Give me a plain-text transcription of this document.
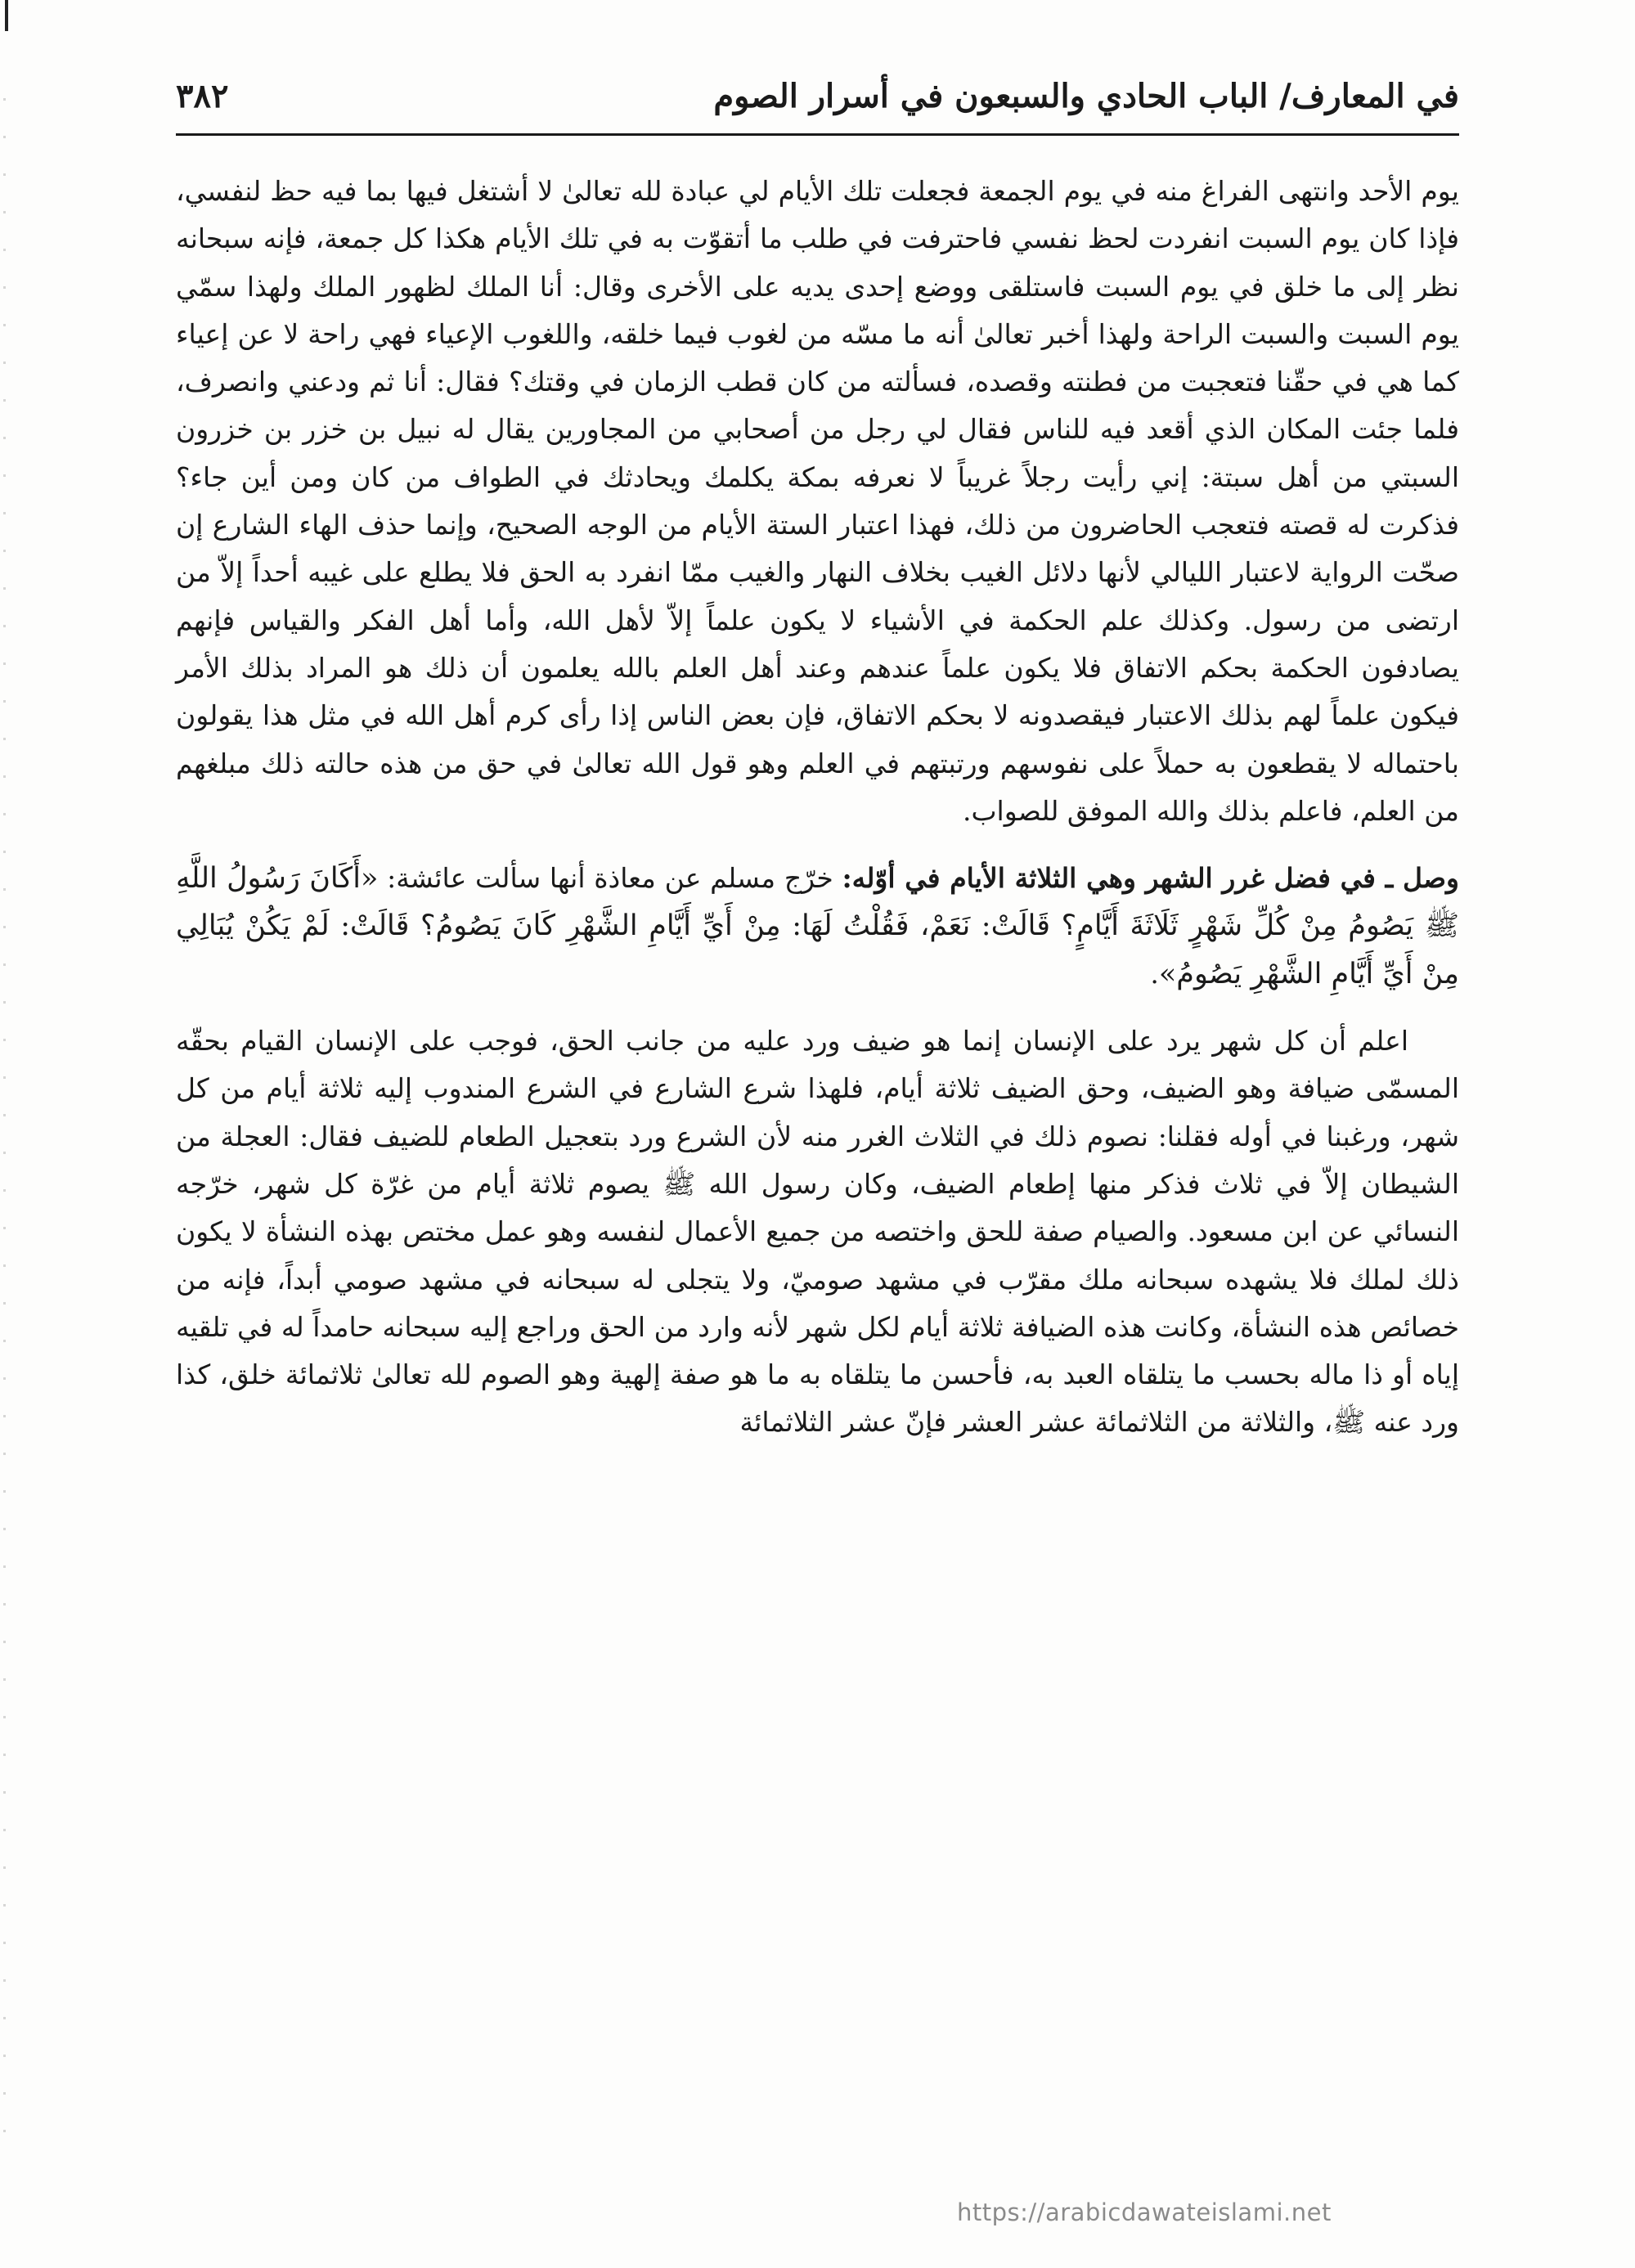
في المعارف/ الباب الحادي والسبعون في أسرار الصوم
٣٨٢

يوم الأحد وانتهى الفراغ منه في يوم الجمعة فجعلت تلك الأيام لي عبادة لله تعالىٰ لا أشتغل فيها بما فيه حظ لنفسي، فإذا كان يوم السبت انفردت لحظ نفسي فاحترفت في طلب ما أتقوّت به في تلك الأيام هكذا كل جمعة، فإنه سبحانه نظر إلى ما خلق في يوم السبت فاستلقى ووضع إحدى يديه على الأخرى وقال: أنا الملك لظهور الملك ولهذا سمّي يوم السبت والسبت الراحة ولهذا أخبر تعالىٰ أنه ما مسّه من لغوب فيما خلقه، واللغوب الإعياء فهي راحة لا عن إعياء كما هي في حقّنا فتعجبت من فطنته وقصده، فسألته من كان قطب الزمان في وقتك؟ فقال: أنا ثم ودعني وانصرف، فلما جئت المكان الذي أقعد فيه للناس فقال لي رجل من أصحابي من المجاورين يقال له نبيل بن خزر بن خزرون السبتي من أهل سبتة: إني رأيت رجلاً غريباً لا نعرفه بمكة يكلمك ويحادثك في الطواف من كان ومن أين جاء؟ فذكرت له قصته فتعجب الحاضرون من ذلك، فهذا اعتبار الستة الأيام من الوجه الصحيح، وإنما حذف الهاء الشارع إن صحّت الرواية لاعتبار الليالي لأنها دلائل الغيب بخلاف النهار والغيب ممّا انفرد به الحق فلا يطلع على غيبه أحداً إلاّ من ارتضى من رسول. وكذلك علم الحكمة في الأشياء لا يكون علماً إلاّ لأهل الله، وأما أهل الفكر والقياس فإنهم يصادفون الحكمة بحكم الاتفاق فلا يكون علماً عندهم وعند أهل العلم بالله يعلمون أن ذلك هو المراد بذلك الأمر فيكون علماً لهم بذلك الاعتبار فيقصدونه لا بحكم الاتفاق، فإن بعض الناس إذا رأى كرم أهل الله في مثل هذا يقولون باحتماله لا يقطعون به حملاً على نفوسهم ورتبتهم في العلم وهو قول الله تعالىٰ في حق من هذه حالته ذلك مبلغهم من العلم، فاعلم بذلك والله الموفق للصواب.

وصل ـ في فضل غرر الشهر وهي الثلاثة الأيام في أوّله: خرّج مسلم عن معاذة أنها سألت عائشة: «أَكَانَ رَسُولُ اللَّهِ ﷺ يَصُومُ مِنْ كُلِّ شَهْرٍ ثَلَاثَةَ أَيَّامٍ؟ قَالَتْ: نَعَمْ، فَقُلْتُ لَهَا: مِنْ أَيِّ أَيَّامِ الشَّهْرِ كَانَ يَصُومُ؟ قَالَتْ: لَمْ يَكُنْ يُبَالِي مِنْ أَيِّ أَيَّامِ الشَّهْرِ يَصُومُ».

اعلم أن كل شهر يرد على الإنسان إنما هو ضيف ورد عليه من جانب الحق، فوجب على الإنسان القيام بحقّه المسمّى ضيافة وهو الضيف، وحق الضيف ثلاثة أيام، فلهذا شرع الشارع في الشرع المندوب إليه ثلاثة أيام من كل شهر، ورغبنا في أوله فقلنا: نصوم ذلك في الثلاث الغرر منه لأن الشرع ورد بتعجيل الطعام للضيف فقال: العجلة من الشيطان إلاّ في ثلاث فذكر منها إطعام الضيف، وكان رسول الله ﷺ يصوم ثلاثة أيام من غرّة كل شهر، خرّجه النسائي عن ابن مسعود. والصيام صفة للحق واختصه من جميع الأعمال لنفسه وهو عمل مختص بهذه النشأة لا يكون ذلك لملك فلا يشهده سبحانه ملك مقرّب في مشهد صوميّ، ولا يتجلى له سبحانه في مشهد صومي أبداً، فإنه من خصائص هذه النشأة، وكانت هذه الضيافة ثلاثة أيام لكل شهر لأنه وارد من الحق وراجع إليه سبحانه حامداً له في تلقيه إياه أو ذا ماله بحسب ما يتلقاه العبد به، فأحسن ما يتلقاه به ما هو صفة إلهية وهو الصوم لله تعالىٰ ثلاثمائة خلق، كذا ورد عنه ﷺ، والثلاثة من الثلاثمائة عشر العشر فإنّ عشر الثلاثمائة

https://arabicdawateislami.net
